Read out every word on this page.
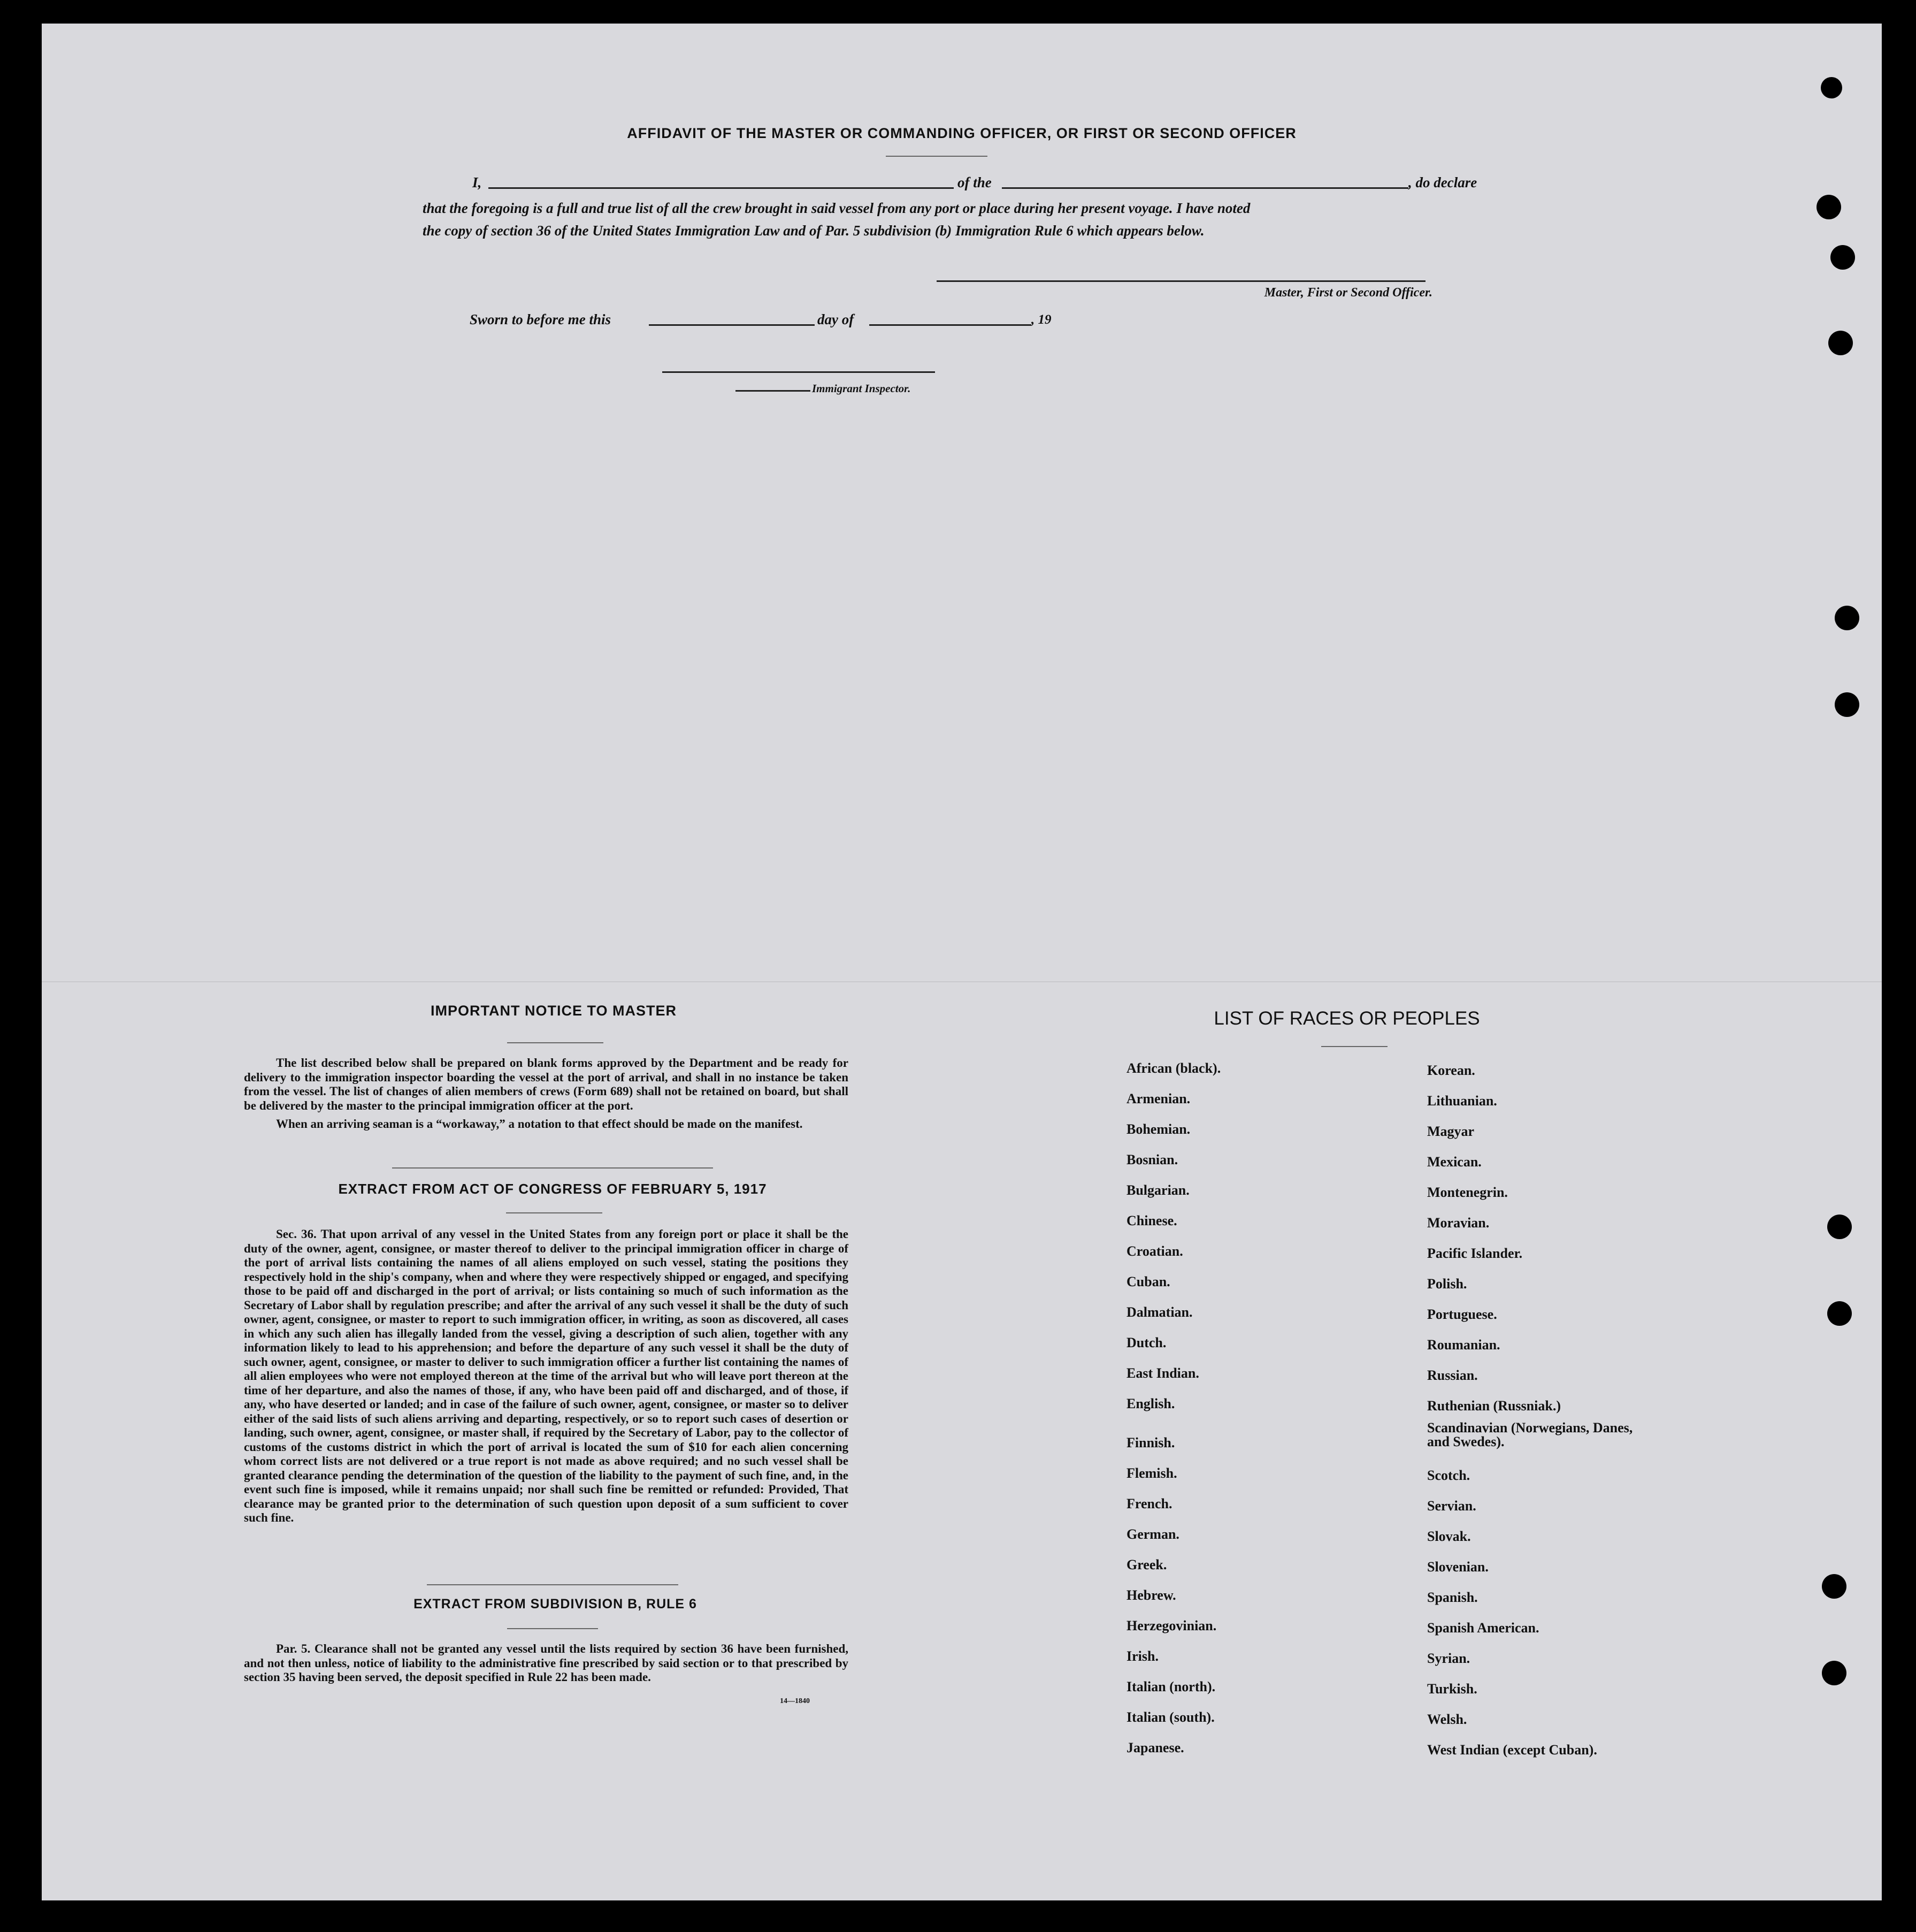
AFFIDAVIT OF THE MASTER OR COMMANDING OFFICER, OR FIRST OR SECOND OFFICER
I,	of the	, do declare
that the foregoing is a full and true list of all the crew brought in said vessel from any port or place during her present voyage. I have noted
the copy of section 36 of the United States Immigration Law and of Par. 5 subdivision (b) Immigration Rule 6 which appears below.
Master, First or Second Officer.
Sworn to before me this	day of	, 19
Immigrant Inspector.
IMPORTANT NOTICE TO MASTER

The list described below shall be prepared on blank forms approved by the Department and be ready for delivery to the immigration inspector boarding the vessel at the port of arrival, and shall in no instance be taken from the vessel. The list of changes of alien members of crews (Form 689) shall not be retained on board, but shall be delivered by the master to the principal immigration officer at the port.

When an arriving seaman is a “workaway,” a notation to that effect should be made on the manifest.

EXTRACT FROM ACT OF CONGRESS OF FEBRUARY 5, 1917

Sec. 36. That upon arrival of any vessel in the United States from any foreign port or place it shall be the duty of the owner, agent, consignee, or master thereof to deliver to the principal immigration officer in charge of the port of arrival lists containing the names of all aliens employed on such vessel, stating the positions they respectively hold in the ship's company, when and where they were respectively shipped or engaged, and specifying those to be paid off and discharged in the port of arrival; or lists containing so much of such information as the Secretary of Labor shall by regulation prescribe; and after the arrival of any such vessel it shall be the duty of such owner, agent, consignee, or master to report to such immigration officer, in writing, as soon as discovered, all cases in which any such alien has illegally landed from the vessel, giving a description of such alien, together with any information likely to lead to his apprehension; and before the departure of any such vessel it shall be the duty of such owner, agent, consignee, or master to deliver to such immigration officer a further list containing the names of all alien employees who were not employed thereon at the time of the arrival but who will leave port thereon at the time of her departure, and also the names of those, if any, who have been paid off and discharged, and of those, if any, who have deserted or landed; and in case of the failure of such owner, agent, consignee, or master so to deliver either of the said lists of such aliens arriving and departing, respectively, or so to report such cases of desertion or landing, such owner, agent, consignee, or master shall, if required by the Secretary of Labor, pay to the collector of customs of the customs district in which the port of arrival is located the sum of $10 for each alien concerning whom correct lists are not delivered or a true report is not made as above required; and no such vessel shall be granted clearance pending the determination of the question of the liability to the payment of such fine, and, in the event such fine is imposed, while it remains unpaid; nor shall such fine be remitted or refunded: Provided, That clearance may be granted prior to the determination of such question upon deposit of a sum sufficient to cover such fine.

EXTRACT FROM SUBDIVISION B, RULE 6

Par. 5. Clearance shall not be granted any vessel until the lists required by section 36 have been furnished, and not then unless, notice of liability to the administrative fine prescribed by said section or to that prescribed by section 35 having been served, the deposit specified in Rule 22 has been made.

14—1840
LIST OF RACES OR PEOPLES
African (black).
Armenian.
Bohemian.
Bosnian.
Bulgarian.
Chinese.
Croatian.
Cuban.
Dalmatian.
Dutch.
East Indian.
English.
Finnish.
Flemish.
French.
German.
Greek.
Hebrew.
Herzegovinian.
Irish.
Italian (north).
Italian (south).
Japanese.
Korean.
Lithuanian.
Magyar
Mexican.
Montenegrin.
Moravian.
Pacific Islander.
Polish.
Portuguese.
Roumanian.
Russian.
Ruthenian (Russniak.)
Scandinavian (Norwegians, Danes, and Swedes).
Scotch.
Servian.
Slovak.
Slovenian.
Spanish.
Spanish American.
Syrian.
Turkish.
Welsh.
West Indian (except Cuban).
